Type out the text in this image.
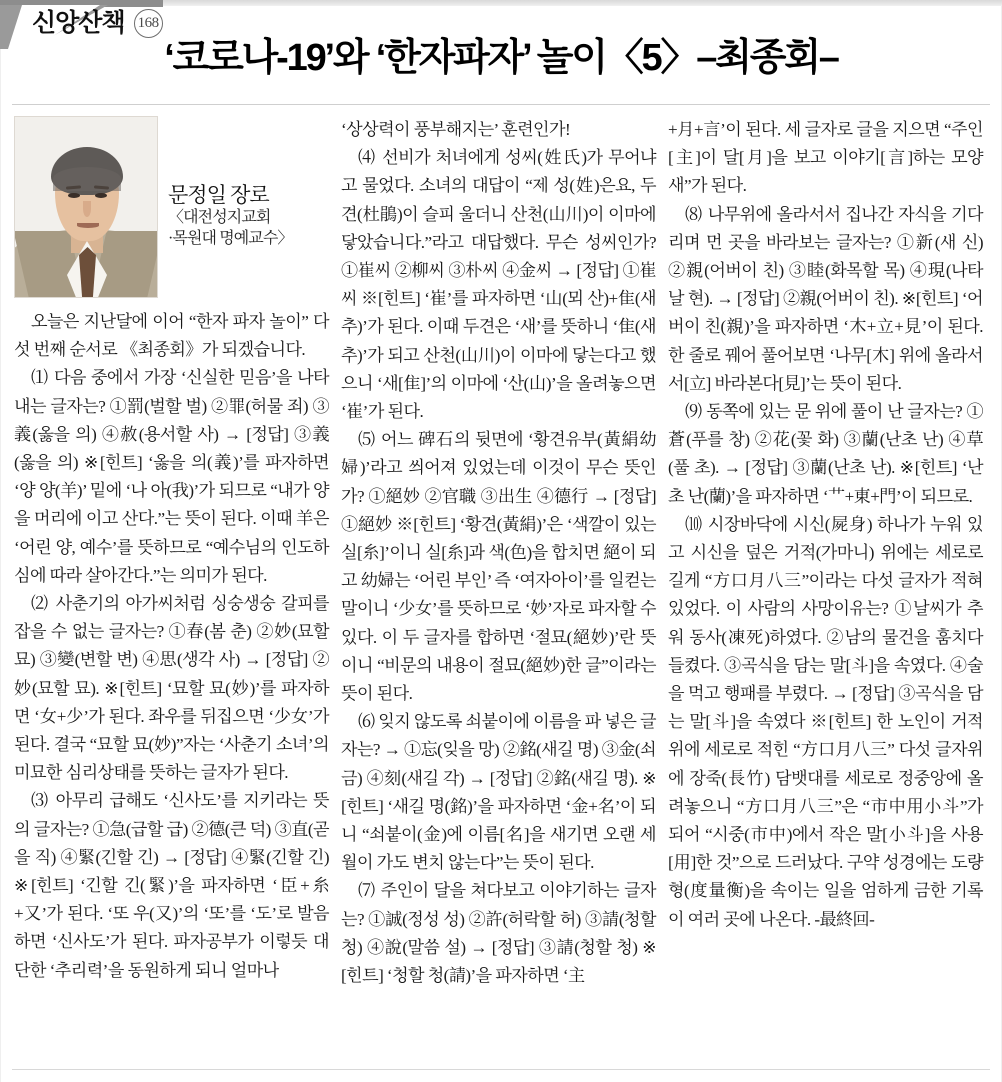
신앙산책 168
‘코로나-19’와 ‘한자파자’ 놀이〈5〉–최종회–
문정일 장로
〈대전성지교회
·목원대 명예교수〉

오늘은 지난달에 이어 “한자 파자 놀이” 다섯 번째 순서로 《최종회》가 되겠습니다.

⑴ 다음 중에서 가장 ‘신실한 믿음’을 나타내는 글자는? ①罰(벌할 벌) ②罪(허물 죄) ③義(옳을 의) ④赦(용서할 사) → [정답] ③義(옳을 의) ※[힌트] ‘옳을 의(義)’를 파자하면 ‘양 양(羊)’ 밑에 ‘나 아(我)’가 되므로 “내가 양을 머리에 이고 산다.”는 뜻이 된다. 이때 羊은 ‘어린 양, 예수’를 뜻하므로 “예수님의 인도하심에 따라 살아간다.”는 의미가 된다.

⑵ 사춘기의 아가씨처럼 싱숭생숭 갈피를 잡을 수 없는 글자는? ①春(봄 춘) ②妙(묘할 묘) ③變(변할 변) ④思(생각 사) → [정답] ②妙(묘할 묘). ※[힌트] ‘묘할 묘(妙)’를 파자하면 ‘女+少’가 된다. 좌우를 뒤집으면 ‘少女’가 된다. 결국 “묘할 묘(妙)”자는 ‘사춘기 소녀’의 미묘한 심리상태를 뜻하는 글자가 된다.

⑶ 아무리 급해도 ‘신사도’를 지키라는 뜻의 글자는? ①急(급할 급) ②德(큰 덕) ③直(곧을 직) ④緊(긴할 긴) → [정답] ④緊(긴할 긴) ※[힌트] ‘긴할 긴(緊)’을 파자하면 ‘臣+糸+又’가 된다. ‘또 우(又)’의 ‘또’를 ‘도’로 발음하면 ‘신사도’가 된다. 파자공부가 이렇듯 대단한 ‘추리력’을 동원하게 되니 얼마나

‘상상력이 풍부해지는’ 훈련인가!

⑷ 선비가 처녀에게 성씨(姓氏)가 무어냐고 물었다. 소녀의 대답이 “제 성(姓)은요, 두견(杜鵑)이 슬피 울더니 산천(山川)이 이마에 닿았습니다.”라고 대답했다. 무슨 성씨인가? ①崔씨 ②柳씨 ③朴씨 ④金씨 → [정답] ①崔씨 ※[힌트] ‘崔’를 파자하면 ‘山(뫼 산)+隹(새 추)’가 된다. 이때 두견은 ‘새’를 뜻하니 ‘隹(새 추)’가 되고 산천(山川)이 이마에 닿는다고 했으니 ‘새[隹]’의 이마에 ‘산(山)’을 올려놓으면 ‘崔’가 된다.

⑸ 어느 碑石의 뒷면에 ‘황견유부(黃絹幼婦)’라고 씌어져 있었는데 이것이 무슨 뜻인가? ①絕妙 ②官職 ③出生 ④德行 → [정답] ①絕妙 ※[힌트] ‘황견(黃絹)’은 ‘색깔이 있는 실[糸]’이니 실[糸]과 색(色)을 합치면 絕이 되고 幼婦는 ‘어린 부인’ 즉 ‘여자아이’를 일컫는 말이니 ‘少女’를 뜻하므로 ‘妙’자로 파자할 수 있다. 이 두 글자를 합하면 ‘절묘(絕妙)’란 뜻이니 “비문의 내용이 절묘(絕妙)한 글”이라는 뜻이 된다.

⑹ 잊지 않도록 쇠붙이에 이름을 파 넣은 글자는? → ①忘(잊을 망) ②銘(새길 명) ③金(쇠 금) ④刻(새길 각) → [정답] ②銘(새길 명). ※[힌트] ‘새길 명(銘)’을 파자하면 ‘金+名’이 되니 “쇠붙이(金)에 이름[名]을 새기면 오랜 세월이 가도 변치 않는다”는 뜻이 된다.

⑺ 주인이 달을 쳐다보고 이야기하는 글자는? ①誠(정성 성) ②許(허락할 허) ③請(청할 청) ④說(말씀 설) → [정답] ③請(청할 청) ※[힌트] ‘청할 청(請)’을 파자하면 ‘主

+月+言’이 된다. 세 글자로 글을 지으면 “주인[主]이 달[月]을 보고 이야기[言]하는 모양새”가 된다.

⑻ 나무위에 올라서서 집나간 자식을 기다리며 먼 곳을 바라보는 글자는? ①新(새 신) ②親(어버이 친) ③睦(화목할 목) ④現(나타날 현). → [정답] ②親(어버이 친). ※[힌트] ‘어버이 친(親)’을 파자하면 ‘木+立+見’이 된다. 한 줄로 꿰어 풀어보면 ‘나무[木] 위에 올라서서[立] 바라본다[見]’는 뜻이 된다.

⑼ 동쪽에 있는 문 위에 풀이 난 글자는? ①蒼(푸를 창) ②花(꽃 화) ③蘭(난초 난) ④草(풀 초). → [정답] ③蘭(난초 난). ※[힌트] ‘난초 난(蘭)’을 파자하면 ‘艹+東+門’이 되므로.

⑽ 시장바닥에 시신(屍身) 하나가 누워 있고 시신을 덮은 거적(가마니) 위에는 세로로 길게 “方口月八三”이라는 다섯 글자가 적혀 있었다. 이 사람의 사망이유는? ①날씨가 추워 동사(凍死)하였다. ②남의 물건을 훔치다 들켰다. ③곡식을 담는 말[斗]을 속였다. ④술을 먹고 행패를 부렸다. → [정답] ③곡식을 담는 말[斗]을 속였다 ※[힌트] 한 노인이 거적 위에 세로로 적힌 “方口月八三” 다섯 글자위에 장죽(長竹) 담뱃대를 세로로 정중앙에 올려놓으니 “方口月八三”은 “市中用小斗”가 되어 “시중(市中)에서 작은 말[小斗]을 사용[用]한 것”으로 드러났다. 구약 성경에는 도량형(度量衡)을 속이는 일을 엄하게 금한 기록이 여러 곳에 나온다. -最終回-
